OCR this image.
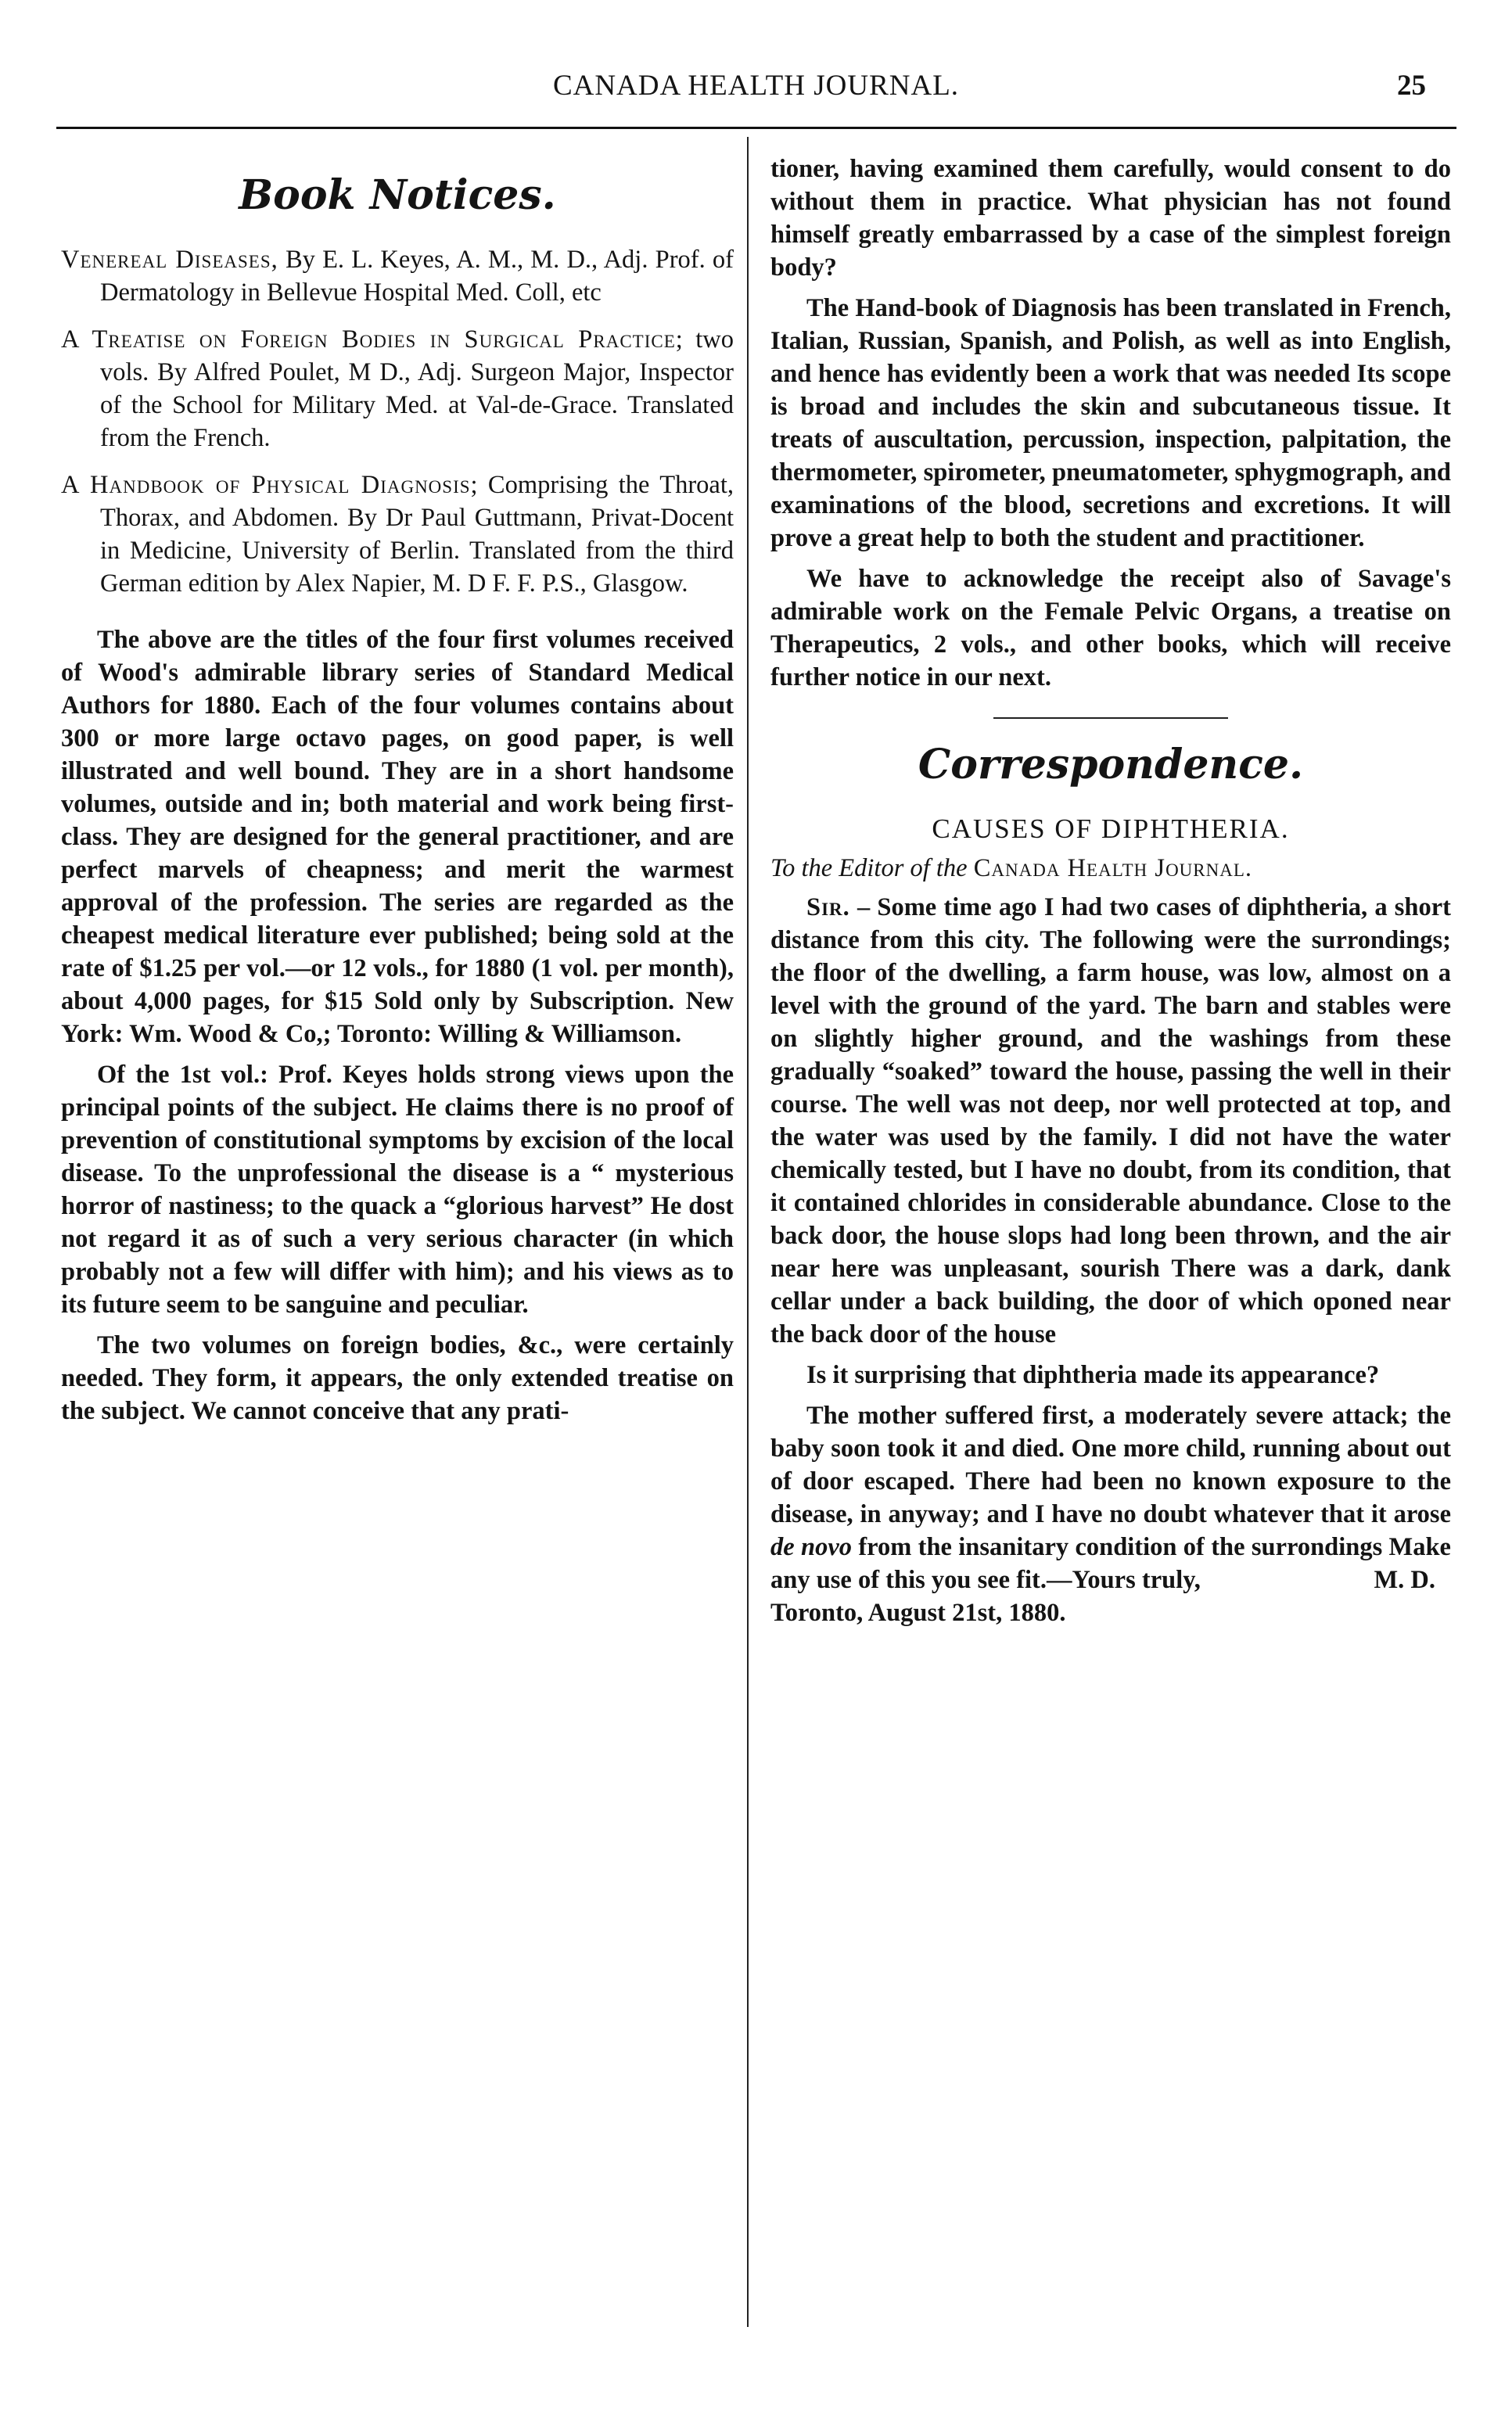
CANADA HEALTH JOURNAL.	25
Book Notices.
Venereal Diseases, By E. L. Keyes, A. M., M. D., Adj. Prof. of Dermatology in Bellevue Hospital Med. Coll, etc
A Treatise on Foreign Bodies in Surgical Practice; two vols. By Alfred Poulet, M D., Adj. Surgeon Major, Inspector of the School for Military Med. at Val-de-Grace. Translated from the French.
A Handbook of Physical Diagnosis; Comprising the Throat, Thorax, and Abdomen. By Dr Paul Guttmann, Privat-Docent in Medicine, University of Berlin. Translated from the third German edition by Alex Napier, M. D F. F. P.S., Glasgow.

The above are the titles of the four first volumes received of Wood's admirable library series of Standard Medical Authors for 1880. Each of the four volumes contains about 300 or more large octavo pages, on good paper, is well illustrated and well bound. They are in a short handsome volumes, outside and in; both material and work being first-class. They are designed for the general practitioner, and are perfect marvels of cheapness; and merit the warmest approval of the profession. The series are regarded as the cheapest medical literature ever published; being sold at the rate of $1.25 per vol.—or 12 vols., for 1880 (1 vol. per month), about 4,000 pages, for $15 Sold only by Subscription. New York: Wm. Wood & Co,; Toronto: Willing & Williamson.

Of the 1st vol.: Prof. Keyes holds strong views upon the principal points of the subject. He claims there is no proof of prevention of constitutional symptoms by excision of the local disease. To the unprofessional the disease is a “ mysterious horror of nastiness; to the quack a “glorious harvest” He dost not regard it as of such a very serious character (in which probably not a few will differ with him); and his views as to its future seem to be sanguine and peculiar.

The two volumes on foreign bodies, &c., were certainly needed. They form, it appears, the only extended treatise on the subject. We cannot conceive that any prati-

tioner, having examined them carefully, would consent to do without them in practice. What physician has not found himself greatly embarrassed by a case of the simplest foreign body?

The Hand-book of Diagnosis has been translated in French, Italian, Russian, Spanish, and Polish, as well as into English, and hence has evidently been a work that was needed Its scope is broad and includes the skin and subcutaneous tissue. It treats of auscultation, percussion, inspection, palpitation, the thermometer, spirometer, pneumatometer, sphygmograph, and examinations of the blood, secretions and excretions. It will prove a great help to both the student and practitioner.

We have to acknowledge the receipt also of Savage's admirable work on the Female Pelvic Organs, a treatise on Therapeutics, 2 vols., and other books, which will receive further notice in our next.

Correspondence.
CAUSES OF DIPHTHERIA.

To the Editor of the Canada Health Journal.

Sir. – Some time ago I had two cases of diphtheria, a short distance from this city. The following were the surrondings; the floor of the dwelling, a farm house, was low, almost on a level with the ground of the yard. The barn and stables were on slightly higher ground, and the washings from these gradually “soaked” toward the house, passing the well in their course. The well was not deep, nor well protected at top, and the water was used by the family. I did not have the water chemically tested, but I have no doubt, from its condition, that it contained chlorides in considerable abundance. Close to the back door, the house slops had long been thrown, and the air near here was unpleasant, sourish There was a dark, dank cellar under a back building, the door of which oponed near the back door of the house

Is it surprising that diphtheria made its appearance?

The mother suffered first, a moderately severe attack; the baby soon took it and died. One more child, running about out of door escaped. There had been no known exposure to the disease, in anyway; and I have no doubt whatever that it arose de novo from the insanitary condition of the surrondings Make any use of this you see fit.—Yours truly,	M. D.

Toronto, August 21st, 1880.
